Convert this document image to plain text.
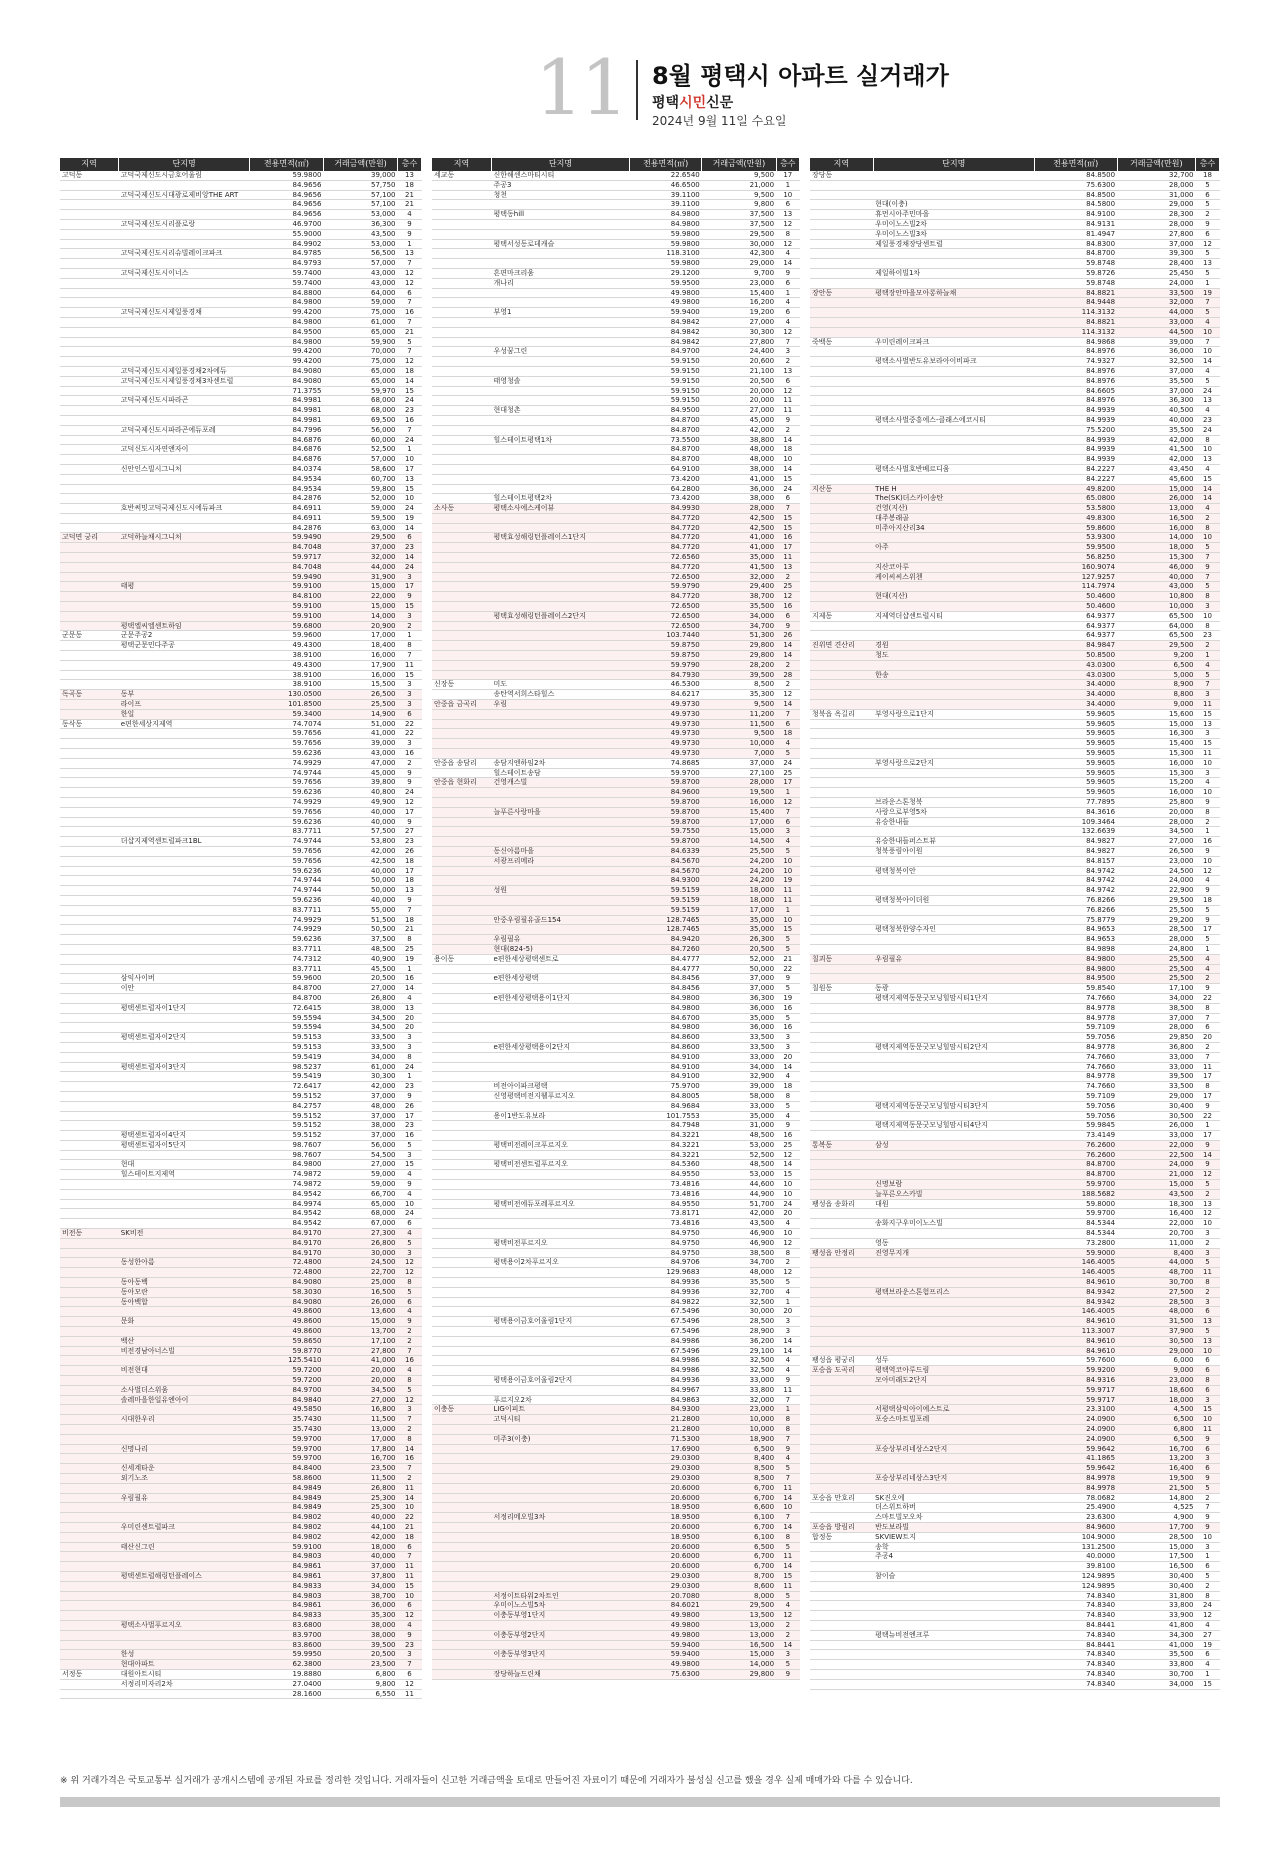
11 8월 평택시 아파트 실거래가
평택시민신문
2024년 9월 11일 수요일
지역	단지명	전용면적(㎡)	거래금액(만원)	층수
고덕동	고덕국제신도시금호어울림	59.9800	39,000	13
		84.9656	57,750	18
	고덕국제신도시대광로제비앙THE ART	84.9656	57,100	21
		84.9656	57,100	21
		84.9656	53,000	4
	고덕국제신도시리플로랑	46.9700	36,300	9
		55.9000	43,500	9
		84.9902	53,000	1
	고덕국제신도시리슈빌레이크파크	84.9785	56,500	13
		84.9793	57,000	7
	고덕국제신도시이너스	59.7400	43,000	12
		59.7400	43,000	12
		84.8800	64,000	6
		84.9800	59,000	7
	고덕국제신도시제일풍경채	99.4200	75,000	16
		84.9800	61,000	7
		84.9500	65,000	21
		84.9800	59,900	5
		99.4200	70,000	7
		99.4200	75,000	12
	고덕국제신도시제일풍경채2차에듀	84.9080	65,000	18
	고덕국제신도시제일풍경채3차센트럴	84.9080	65,000	14
		71.3755	59,970	15
	고덕국제신도시파라곤	84.9981	68,000	24
		84.9981	68,000	23
		84.9981	69,500	16
	고덕국제신도시파라곤에듀포레	84.7996	56,000	7
		84.6876	60,000	24
	고덕신도시자연앤자이	84.6876	52,500	1
		84.6876	57,000	10
	신안인스빌시그니처	84.0374	58,600	17
		84.9534	60,700	13
		84.9534	59,800	15
		84.2876	52,000	10
	호반써밋고덕국제신도시에듀파크	84.6911	59,000	24
		84.6911	59,500	19
		84.2876	63,000	14
고덕면 궁리	고덕하늘채시그니처	59.9490	29,500	6
		84.7048	37,000	23
		59.9717	32,000	14
		84.7048	44,000	24
		59.9490	31,900	3
	태평	59.9100	15,000	17
		84.8100	22,000	9
		59.9100	15,000	15
		59.9100	14,000	3
	평택엘씨엘센트하임	59.6800	20,900	2
군문동	군문주공2	59.9600	17,000	1
	평택군문민다주공	49.4300	18,400	8
		38.9100	16,000	7
		49.4300	17,900	11
		38.9100	16,000	15
		38.9100	15,500	3
독곡동	동부	130.0500	26,500	3
	라이프	101.8500	25,500	3
	한일	59.3400	14,900	6
동삭동	e편한세상지제역	74.7074	51,000	22
		59.7656	41,000	22
		59.7656	39,000	3
		59.6236	43,000	16
		74.9929	47,000	2
		74.9744	45,000	9
		59.7656	39,800	9
		59.6236	40,800	24
		74.9929	49,900	12
		59.7656	40,000	17
		59.6236	40,000	9
		83.7711	57,500	27
	더샵지제역센트럴파크1BL	74.9744	53,800	23
		59.7656	42,000	26
		59.7656	42,500	18
		59.6236	40,000	17
		74.9744	50,000	18
		74.9744	50,000	13
		59.6236	40,000	9
		83.7711	55,000	7
		74.9929	51,500	18
		74.9929	50,500	21
		59.6236	37,500	8
		83.7711	48,500	25
		74.7312	40,900	19
		83.7711	45,500	1
	삼익사이버	59.9600	20,500	16
	이안	84.8700	27,000	14
		84.8700	26,800	4
	평택센트럴자이1단지	72.6415	38,000	13
		59.5594	34,500	20
		59.5594	34,500	20
	평택센트럴자이2단지	59.5153	33,500	3
		59.5153	33,500	3
		59.5419	34,000	8
	평택센트럴자이3단지	98.5237	61,000	24
		59.5419	30,300	1
		72.6417	42,000	23
		59.5152	37,000	9
		84.2757	48,000	26
		59.5152	37,000	17
		59.5152	38,000	23
	평택센트럴자이4단지	59.5152	37,000	16
	평택센트럴자이5단지	98.7607	56,000	5
		98.7607	54,500	3
	현대	84.9800	27,000	15
	힐스테이트지제역	74.9872	59,000	4
		74.9872	59,000	9
		84.9542	66,700	4
		84.9974	65,000	10
		84.9542	68,000	24
		84.9542	67,000	6
비전동	SK비전	84.9170	27,300	4
		84.9170	26,800	5
		84.9170	30,000	3
	동성한아름	72.4800	24,500	12
		72.4800	22,700	12
	동아동백	84.9080	25,000	8
	동아모란	58.3030	16,500	5
	동아백합	84.9080	26,000	6
		49.8600	13,600	4
	문화	49.8600	15,000	9
		49.8600	13,700	2
	백산	59.8650	17,100	2
	비전경남아너스빌	59.8770	27,800	7
		125.5410	41,000	16
	비전현대	59.7200	20,000	4
		59.7200	20,000	8
	소사벌더스위움	84.9700	34,500	5
	솔레마을한일유엔아이	84.9840	27,000	12
		49.5850	16,800	3
	시대한우리	35.7430	11,500	7
		35.7430	13,000	2
		59.9700	17,000	8
	신명나리	59.9700	17,800	14
		59.9700	16,700	16
	신세계타운	84.8400	23,500	7
	외기노조	58.8600	11,500	2
		84.9849	26,800	11
	우림필유	84.9849	25,300	14
		84.9849	25,300	10
		84.9802	40,000	22
	우미린센트럴파크	84.9802	44,100	21
		84.9802	42,000	18
	태산신그린	59.9100	18,000	6
		84.9803	40,000	7
		84.9861	37,000	11
	평택센트럴해링턴플레이스	84.9861	37,800	11
		84.9833	34,000	15
		84.9803	38,700	10
		84.9861	36,000	6
		84.9833	35,300	12
	평택소사벌푸르지오	83.6800	38,000	4
		83.9700	38,000	9
		83.8600	39,500	23
	한성	59.9950	20,500	3
	현대아파트	62.3800	23,500	7
서정동	대원아트시티	19.8880	6,800	6
	서정리미자리2차	27.0400	9,800	12
		28.1600	6,550	11
지역	단지명	전용면적(㎡)	거래금액(만원)	층수
세교동	신한해센스마티시티	22.6540	9,500	17
	주공3	46.6500	21,000	1
	청천	39.1100	9,500	10
		39.1100	9,800	6
	평택동hill	84.9800	37,500	13
		84.9800	37,500	12
		59.9800	29,500	8
	평택서성동로데캐슬	59.9800	30,000	12
		118.3100	42,300	4
		59.9800	29,000	14
	흔편마크리움	29.1200	9,700	9
	개나리	59.9500	23,000	6
		49.9800	15,400	1
		49.9800	16,200	4
	부영1	59.9400	19,200	6
		84.9842	27,000	4
		84.9842	30,300	12
		84.9842	27,800	7
	우성꿈그린	84.9700	24,400	3
		59.9150	20,600	2
		59.9150	21,100	13
	태영청솔	59.9150	20,500	6
		59.9150	20,000	12
		59.9150	20,000	11
	현대청촌	84.9500	27,000	11
		84.8700	45,000	9
		84.8700	42,000	2
	힐스테이트평택1차	73.5500	38,800	14
		84.8700	48,000	18
		84.8700	48,000	10
		64.9100	38,000	14
		73.4200	41,000	15
		64.2800	36,000	24
	힐스테이트평택2차	73.4200	38,000	6
소사동	평택소사에스케이뷰	84.9930	28,000	7
		84.7720	42,500	15
		84.7720	42,500	15
	평택효성해링턴플레이스1단지	84.7720	41,000	16
		84.7720	41,000	17
		72.6560	35,000	11
		84.7720	41,500	13
		72.6500	32,000	2
		59.9790	29,400	25
		84.7720	38,700	12
		72.6500	35,500	16
	평택효성해링턴플레이스2단지	72.6500	34,000	6
		72.6500	34,700	9
		103.7440	51,300	26
		59.8750	29,800	14
		59.8750	29,800	14
		59.9790	28,200	2
		84.7930	39,500	28
신장동	미도	46.5300	8,500	2
	송탄역서희스타힐스	84.6217	35,300	12
안중읍 금곡리	우림	49.9730	9,500	14
		49.9730	11,200	7
		49.9730	11,500	6
		49.9730	9,500	18
		49.9730	10,000	4
		49.9730	7,000	5
안중읍 송담리	송담지엔하임2차	74.8685	37,000	24
	힐스테이트송담	59.9700	27,100	25
안중읍 현화리	건영캐스빌	59.8700	28,000	17
		84.9600	19,500	1
		59.8700	16,000	12
	늘푸른사랑마을	59.8700	15,400	7
		59.8700	17,000	6
		59.7550	15,000	3
		59.8700	14,500	4
	동신아름마을	84.6339	25,500	5
	서광프리메라	84.5670	24,200	10
		84.5670	24,200	10
		84.9300	24,200	19
	성원	59.5159	18,000	11
		59.5159	18,000	11
		59.5159	17,000	1
	안중우림필유골드154	128.7465	35,000	10
		128.7465	35,000	15
	우림필유	84.9420	26,300	5
	현대(824-5)	84.7260	20,500	5
용이동	e편한세상평택센트로	84.4777	52,000	21
		84.4777	50,000	22
	e편한세상평택	84.8456	37,000	9
		84.8456	37,000	5
	e편한세상평택용이1단지	84.9800	36,300	19
		84.9800	36,000	16
		84.6700	35,000	5
		84.9800	36,000	16
		84.8600	33,500	3
	e편한세상평택용이2단지	84.8600	33,500	3
		84.9100	33,000	20
		84.9100	34,000	14
		84.9100	32,900	4
	비전아이파크평택	75.9700	39,000	18
	신영평택비전지웰푸르지오	84.8005	58,000	8
		84.9684	33,000	5
	용이1반도유보라	101.7553	35,000	4
		84.7948	31,000	9
		84.3221	48,500	16
	평택비전레이크푸르지오	84.3221	53,000	25
		84.3221	52,500	12
	평택비전센트럴푸르지오	84.5360	48,500	14
		84.9550	53,000	15
		73.4816	44,600	10
		73.4816	44,900	10
	평택비전에듀포레푸르지오	84.9550	51,700	24
		73.8171	42,000	20
		73.4816	43,500	4
		84.9750	46,900	10
	평택비전푸르지오	84.9750	46,900	12
		84.9750	38,500	8
	평택용이2차푸르지오	84.9706	34,700	2
		129.9683	48,000	12
		84.9936	35,500	5
		84.9936	32,700	4
		84.9822	32,500	1
		67.5496	30,000	20
	평택용이금호어울림1단지	67.5496	28,500	3
		67.5496	28,900	3
		84.9986	36,200	14
		67.5496	29,100	14
		84.9986	32,500	4
		84.9986	32,500	4
	평택용이금호어울림2단지	84.9936	33,000	9
		84.9967	33,800	11
	푸르지오2차	84.9863	32,000	7
이충동	LIG이피트	84.9300	23,000	1
	고덕시티	21.2800	10,000	8
		21.2800	10,000	8
	미주3(이충)	71.5300	18,900	7
		17.6900	6,500	9
		29.0300	8,400	4
		29.0300	8,500	5
		29.0300	8,500	7
		20.6000	6,700	11
		20.6000	6,700	14
		18.9500	6,600	10
	서정리메오빌3차	18.9500	6,100	7
		20.6000	6,700	14
		18.9500	6,100	8
		20.6000	6,500	5
		20.6000	6,700	11
		20.6000	6,700	14
		29.0300	8,700	15
		29.0300	8,600	11
	서정이트타워2차트인	20.7080	8,000	5
	우미이노스빌5차	84.6021	29,500	4
	이충동부영1단지	49.9800	13,500	12
		49.9800	13,000	2
	이충동부영2단지	49.9800	13,000	2
		59.9400	16,500	14
	이충동부영3단지	59.9400	15,000	3
		49.9800	14,000	5
	장당하늘드린채	75.6300	29,800	9
지역	단지명	전용면적(㎡)	거래금액(만원)	층수
장당동		84.8500	32,700	18
		75.6300	28,000	5
		84.8500	31,000	6
	현대(이충)	84.5800	29,000	5
	휴먼시아주민마을	84.9100	28,300	2
	우미이노스빌2차	84.9131	28,000	9
	우미이노스빌3차	81.4947	27,800	6
	제일풍경채장당센트럴	84.8300	37,000	12
		84.8700	39,300	5
		59.8748	28,400	13
	제일하이빌1차	59.8726	25,450	5
		59.8748	24,000	1
장안동	평택장안마을모아롱하늘채	84.8821	33,500	19
		84.9448	32,000	7
		114.3132	44,000	5
		84.8821	33,000	4
		114.3132	44,500	10
죽백동	우미린레이크파크	84.9868	39,000	7
		84.8976	36,000	10
	평택소사벌반도유보라아이비파크	74.9327	32,500	14
		84.8976	37,000	4
		84.8976	35,500	5
		84.6605	37,000	24
		84.8976	36,300	13
		84.9939	40,500	4
	평택소사벌중흥에스-클래스에코시티	84.9939	40,000	23
		75.5200	35,500	24
		84.9939	42,000	8
		84.9939	41,500	10
		84.9939	42,000	13
	평택소사벌호반베르디움	84.2227	43,450	4
		84.2227	45,600	15
지산동	THE H	49.8200	15,000	14
	The(SK)더스카이송탄	65.0800	26,000	14
	건영(지산)	53.5800	13,000	4
	대주봉래골	49.8300	16,500	2
	미주아지산리34	59.8600	16,000	8
		53.9300	14,000	10
	아주	59.9500	18,000	5
		56.8250	15,300	7
	지산코아루	160.9074	46,000	9
	케이씨씨스위첸	127.9257	40,000	7
		114.7974	43,000	5
	현대(지산)	50.4600	10,800	8
		50.4600	10,000	3
지제동	지제역더샵센트럴시티	64.9377	65,500	10
		64.9377	64,000	8
		64.9377	65,500	23
진위면 견산리	경원	84.9847	29,500	2
	청도	50.8500	9,200	1
		43.0300	6,500	4
	한송	43.0300	5,000	5
		34.4000	8,900	7
		34.4000	8,800	3
		34.4000	9,000	11
청북읍 옥길리	부영사랑으로1단지	59.9605	15,600	15
		59.9605	15,000	13
		59.9605	16,300	3
		59.9605	15,400	15
		59.9605	15,300	11
	부영사랑으로2단지	59.9605	16,000	10
		59.9605	15,300	3
		59.9605	15,200	4
		59.9605	16,000	10
	브라운스톤청북	77.7895	25,800	9
	사랑으로부영5차	84.3616	20,000	8
	유승한내들	109.3464	28,000	2
		132.6639	34,500	1
	유승한내들퍼스트뷰	84.9827	27,000	16
	청북풍림아이원	84.9827	26,500	9
		84.8157	23,000	10
	평택청북이안	84.9742	24,500	12
		84.9742	24,000	4
		84.9742	22,900	9
	평택청북아이더원	76.8266	29,500	18
		76.8266	25,500	5
		75.8779	29,200	9
	평택청북한양수자인	84.9653	28,500	17
		84.9653	28,000	5
		84.9898	24,800	1
칠괴동	우림필유	84.9800	25,500	4
		84.9800	25,500	4
		84.9500	25,500	2
칠원동	동광	59.8540	17,100	9
	평택지제역동문굿모닝힐맘시티1단지	74.7660	34,000	22
		84.9778	38,500	8
		84.9778	37,000	7
		59.7109	28,000	6
		59.7056	29,850	20
	평택지제역동문굿모닝힐맘시티2단지	84.9778	36,800	2
		74.7660	33,000	7
		74.7660	33,000	11
		84.9778	39,500	17
		74.7660	33,500	8
		59.7109	29,000	17
	평택지제역동문굿모닝힐맘시티3단지	59.7056	30,400	9
		59.7056	30,500	22
	평택지제역동문굿모닝힐맘시티4단지	59.9845	26,000	1
		73.4149	33,000	17
통복동	삼성	76.2600	22,000	9
		76.2600	22,500	14
		84.8700	24,000	9
		84.8700	21,000	12
	신명보람	59.9700	15,000	5
	늘푸른오스카빌	188.5682	43,500	2
팽성읍 송화리	대원	59.8000	18,300	13
		59.9700	16,400	12
	송화지구우미이노스빌	84.5344	22,000	10
		84.5344	20,700	3
	영동	73.2800	11,000	2
팽성읍 안정리	진영무지개	59.9000	8,400	3
		146.4005	44,000	5
		146.4005	48,700	11
		84.9610	30,700	8
	평택브라운스톤험프리스	84.9342	27,500	2
		84.9342	28,500	3
		146.4005	48,000	6
		84.9610	31,500	13
		113.3007	37,900	5
		84.9610	30,500	13
		84.9610	29,000	10
팽성읍 평궁리	성두	59.7600	6,000	6
포승읍 도곡리	평택역코아루드림	59.9200	9,000	6
	모아미래도2단지	84.9316	23,000	8
		59.9717	18,600	6
		59.9717	18,000	3
	서평택삼익아이에스트로	23.3100	4,500	15
	포승스마트빌포레	24.0900	6,500	10
		24.0900	6,800	11
		24.0900	6,500	9
	포승상부리네상스2단지	59.9642	16,700	6
		41.1865	13,200	3
		59.9642	16,400	6
	포승상부리네상스3단지	84.9978	19,500	9
		84.9978	21,500	5
포승읍 만호리	SK진오에	78.0682	14,800	2
	더스위트하버	25.4900	4,525	7
	스마트빌모오차	23.6300	4,900	9
포승읍 방림리	반도보라빌	84.9600	17,700	9
합정동	SKVIEW트지	104.9000	28,500	10
	송학	131.2500	15,000	3
	주공4	40.0000	17,500	1
		39.8100	16,500	6
	참이슬	124.9895	30,400	5
		124.9895	30,400	2
		74.8340	31,800	8
		74.8340	33,800	24
		74.8340	33,900	12
		84.8441	41,800	4
	평택뉴비전엔크루	74.8340	34,300	27
		84.8441	41,000	19
		74.8340	35,500	6
		74.8340	33,800	4
		74.8340	30,700	1
		74.8340	34,000	15
※ 위 거래가격은 국토교통부 실거래가 공개시스템에 공개된 자료를 정리한 것입니다. 거래자들이 신고한 거래금액을 토대로 만들어진 자료이기 때문에 거래자가 불성실 신고를 했을 경우 실제 매매가와 다를 수 있습니다.
